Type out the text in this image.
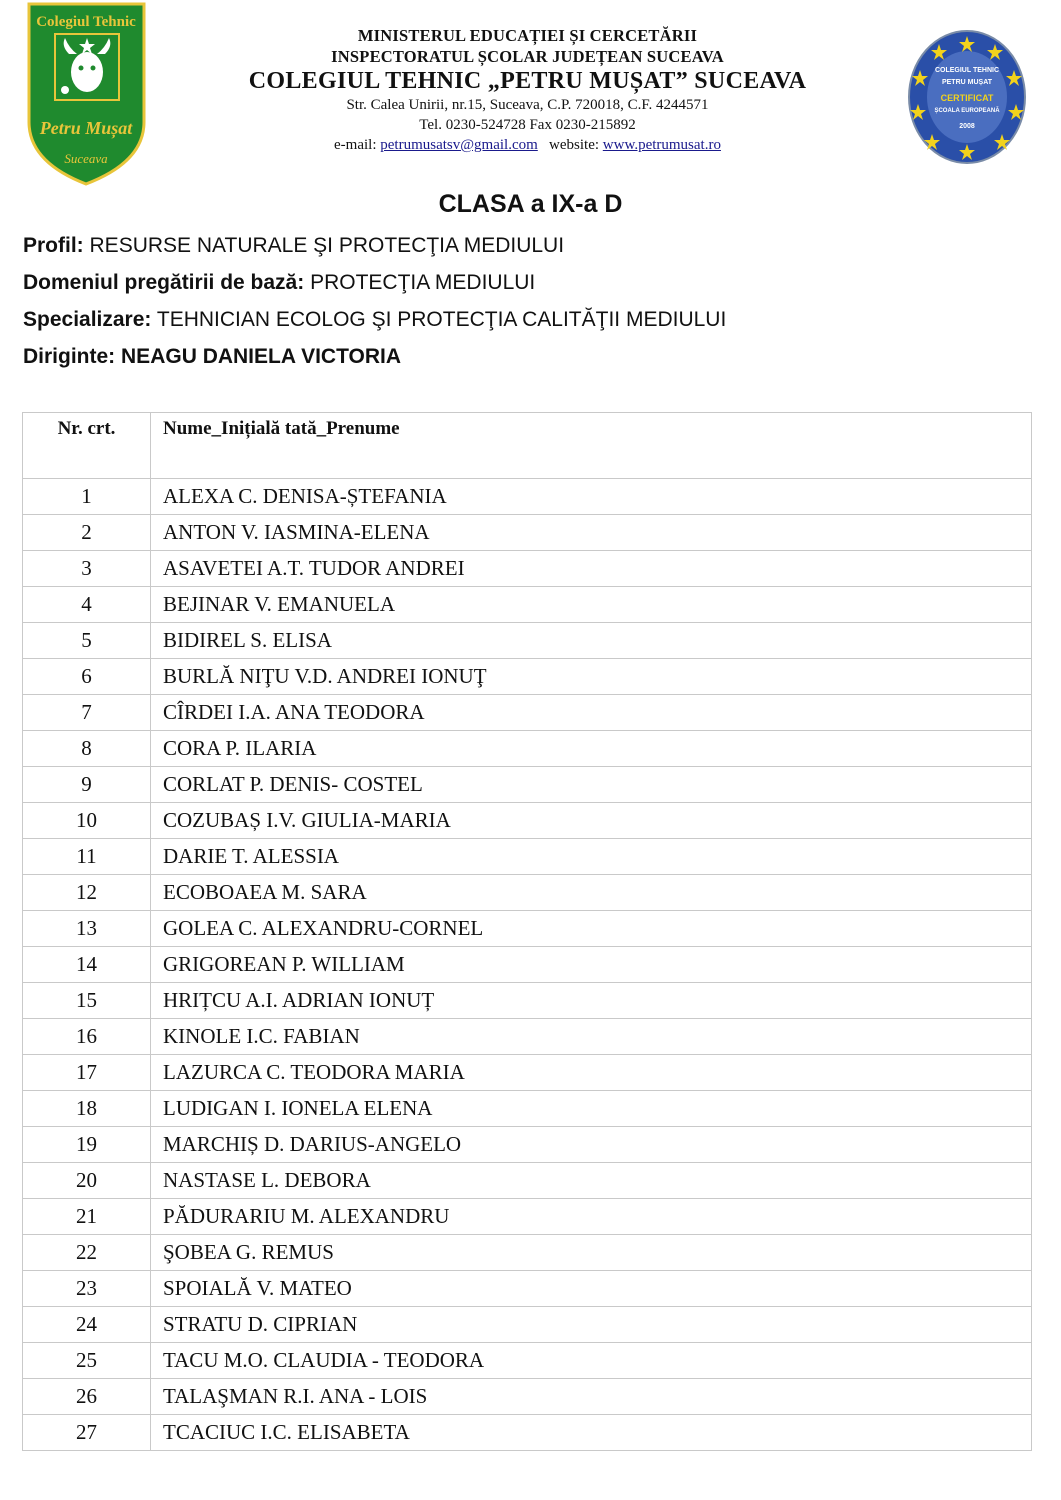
Colegiul Tehnic
Petru Mușat
Suceava
MINISTERUL EDUCAȚIEI ȘI CERCETĂRII
INSPECTORATUL ȘCOLAR JUDEȚEAN SUCEAVA
COLEGIUL TEHNIC „PETRU MUȘAT” SUCEAVA
Str. Calea Unirii, nr.15, Suceava, C.P. 720018, C.F. 4244571
Tel. 0230-524728 Fax 0230-215892
e-mail: petrumusatsv@gmail.com website: www.petrumusat.ro
COLEGIUL TEHNIC
PETRU MUȘAT
CERTIFICAT
ȘCOALA EUROPEANĂ
2008
CLASA a IX-a D
Profil: RESURSE NATURALE ŞI PROTECŢIA MEDIULUI
Domeniul pregătirii de bază: PROTECŢIA MEDIULUI
Specializare: TEHNICIAN ECOLOG ŞI PROTECŢIA CALITĂŢII MEDIULUI
Diriginte: NEAGU DANIELA VICTORIA
Nr. crt.	Nume_Inițială tată_Prenume
1	ALEXA C. DENISA-ȘTEFANIA
2	ANTON V. IASMINA-ELENA
3	ASAVETEI A.T. TUDOR ANDREI
4	BEJINAR V. EMANUELA
5	BIDIREL S. ELISA
6	BURLĂ NIŢU V.D. ANDREI IONUŢ
7	CÎRDEI I.A. ANA TEODORA
8	CORA P. ILARIA
9	CORLAT P. DENIS- COSTEL
10	COZUBAȘ I.V. GIULIA-MARIA
11	DARIE T. ALESSIA
12	ECOBOAEA M. SARA
13	GOLEA C. ALEXANDRU-CORNEL
14	GRIGOREAN P. WILLIAM
15	HRIȚCU A.I. ADRIAN IONUȚ
16	KINOLE I.C. FABIAN
17	LAZURCA C. TEODORA MARIA
18	LUDIGAN I. IONELA ELENA
19	MARCHIȘ D. DARIUS-ANGELO
20	NASTASE L. DEBORA
21	PĂDURARIU M. ALEXANDRU
22	ŞOBEA G. REMUS
23	SPOIALĂ V. MATEO
24	STRATU D. CIPRIAN
25	TACU M.O. CLAUDIA - TEODORA
26	TALAŞMAN R.I. ANA - LOIS
27	TCACIUC I.C. ELISABETA
